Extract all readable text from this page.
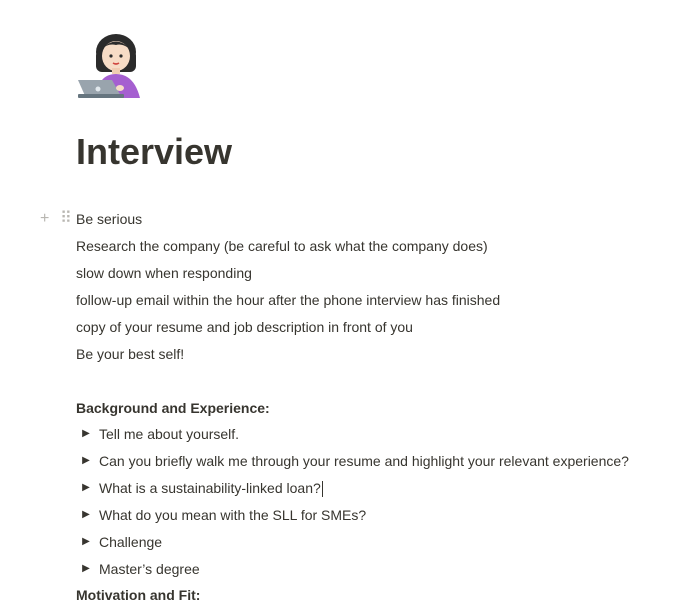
Interview
+ ⠿ Be serious
Research the company (be careful to ask what the company does)
slow down when responding
follow-up email within the hour after the phone interview has finished
copy of your resume and job description in front of you
Be your best self!
Background and Experience:
▶ Tell me about yourself.
▶ Can you briefly walk me through your resume and highlight your relevant experience?
▶ What is a sustainability-linked loan?
▶ What do you mean with the SLL for SMEs?
▶ Challenge
▶ Master’s degree
Motivation and Fit:
